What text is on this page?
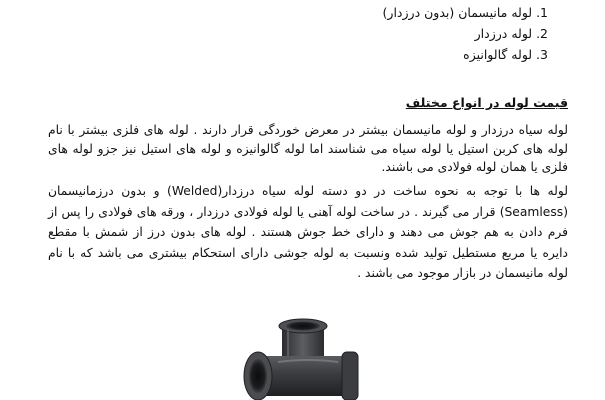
1. لوله مانیسمان (بدون درزدار)
2. لوله درزدار
3. لوله گالوانیزه
قیمت لوله در انواع مختلف

لوله سیاه درزدار و لوله مانیسمان بیشتر در معرض خوردگی قرار دارند . لوله های فلزی بیشتر با نام لوله های کربن استیل یا لوله سیاه می شناسند اما لوله گالوانیزه و لوله های استیل نیز جزو لوله های فلزی یا همان لوله فولادی می باشند.

لوله ها با توجه به نحوه ساخت در دو دسته لوله سیاه درزدار(Welded) و بدون درزمانیسمان (Seamless) قرار می گیرند . در ساخت لوله آهنی یا لوله فولادی درزدار ، ورقه های فولادی را پس از فرم دادن به هم جوش می دهند و دارای خط جوش هستند . لوله های بدون درز از شمش با مقطع دایره یا مربع مستطیل تولید شده ونسبت به لوله جوشی دارای استحکام بیشتری می باشد که با نام لوله مانیسمان در بازار موجود می باشند .
